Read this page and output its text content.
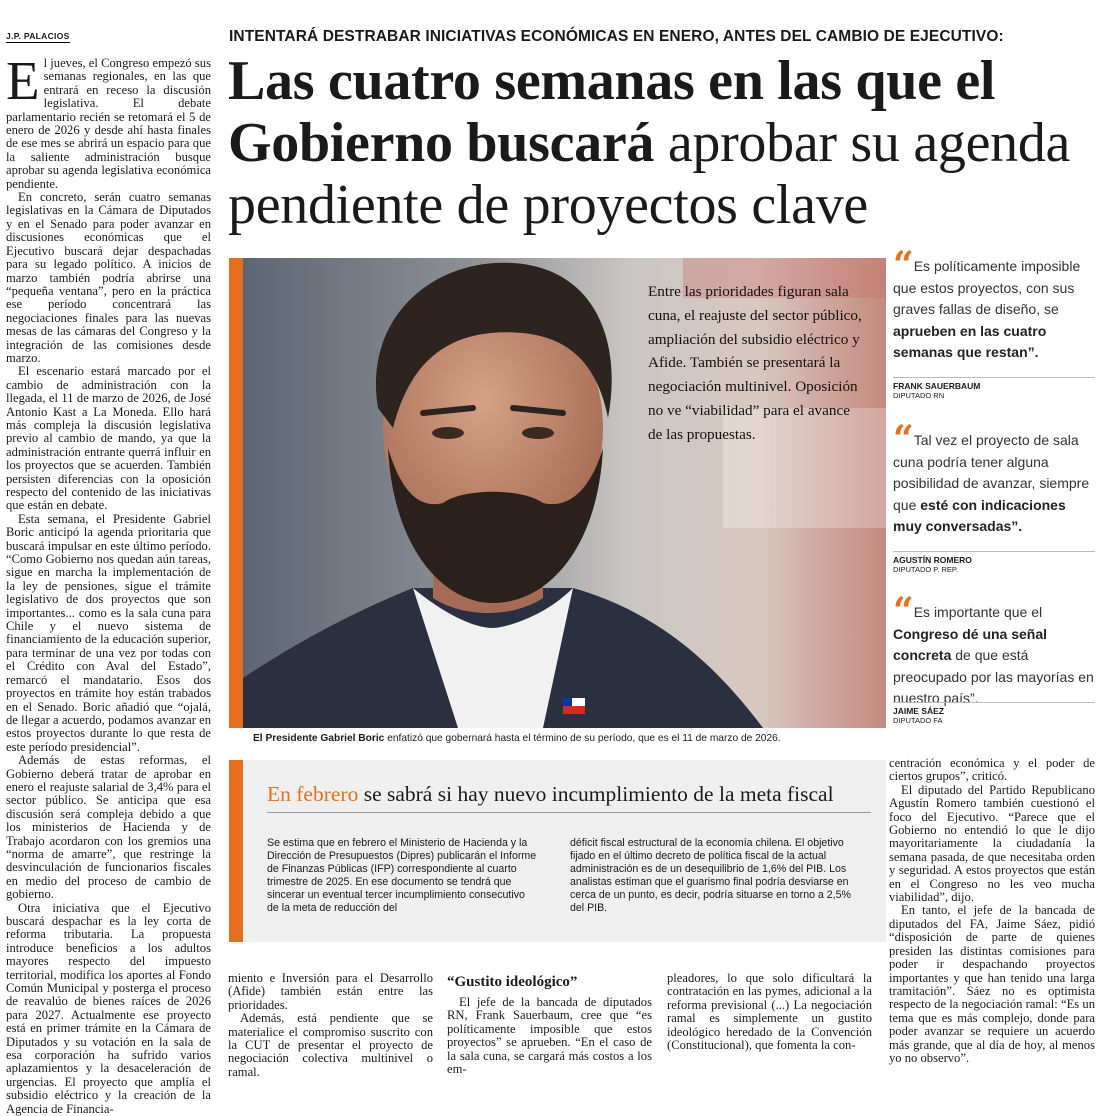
J.P. PALACIOS	INTENTARÁ DESTRABAR INICIATIVAS ECONÓMICAS EN ENERO, ANTES DEL CAMBIO DE EJECUTIVO:
Las cuatro semanas en las que el Gobierno buscará aprobar su agenda pendiente de proyectos clave

El jueves, el Congreso empezó sus semanas regionales, en las que entrará en receso la discusión legislativa. El debate parlamentario recién se retomará el 5 de enero de 2026 y desde ahí hasta finales de ese mes se abrirá un espacio para que la saliente administración busque aprobar su agenda legislativa económica pendiente.

En concreto, serán cuatro semanas legislativas en la Cámara de Diputados y en el Senado para poder avanzar en discusiones económicas que el Ejecutivo buscará dejar despachadas para su legado político. A inicios de marzo también podría abrirse una “pequeña ventana”, pero en la práctica ese período concentrará las negociaciones finales para las nuevas mesas de las cámaras del Congreso y la integración de las comisiones desde marzo.

El escenario estará marcado por el cambio de administración con la llegada, el 11 de marzo de 2026, de José Antonio Kast a La Moneda. Ello hará más compleja la discusión legislativa previo al cambio de mando, ya que la administración entrante querrá influir en los proyectos que se acuerden. También persisten diferencias con la oposición respecto del contenido de las iniciativas que están en debate.

Esta semana, el Presidente Gabriel Boric anticipó la agenda prioritaria que buscará impulsar en este último período. “Como Gobierno nos quedan aún tareas, sigue en marcha la implementación de la ley de pensiones, sigue el trámite legislativo de dos proyectos que son importantes... como es la sala cuna para Chile y el nuevo sistema de financiamiento de la educación superior, para terminar de una vez por todas con el Crédito con Aval del Estado”, remarcó el mandatario. Esos dos proyectos en trámite hoy están trabados en el Senado. Boric añadió que “ojalá, de llegar a acuerdo, podamos avanzar en estos proyectos durante lo que resta de este período presidencial”.

Además de estas reformas, el Gobierno deberá tratar de aprobar en enero el reajuste salarial de 3,4% para el sector público. Se anticipa que esa discusión será compleja debido a que los ministerios de Hacienda y de Trabajo acordaron con los gremios una “norma de amarre”, que restringe la desvinculación de funcionarios fiscales en medio del proceso de cambio de gobierno.

Otra iniciativa que el Ejecutivo buscará despachar es la ley corta de reforma tributaria. La propuesta introduce beneficios a los adultos mayores respecto del impuesto territorial, modifica los aportes al Fondo Común Municipal y posterga el proceso de reavalúo de bienes raíces de 2026 para 2027. Actualmente ese proyecto está en primer trámite en la Cámara de Diputados y su votación en la sala de esa corporación ha sufrido varios aplazamientos y la desaceleración de urgencias. El proyecto que amplía el subsidio eléctrico y la creación de la Agencia de Financia-

Entre las prioridades figuran sala cuna, el reajuste del sector público, ampliación del subsidio eléctrico y Afide. También se presentará la negociación multinivel. Oposición no ve “viabilidad” para el avance de las propuestas.
El Presidente Gabriel Boric enfatizó que gobernará hasta el término de su período, que es el 11 de marzo de 2026.
“ Es políticamente imposible que estos proyectos, con sus graves fallas de diseño, se aprueben en las cuatro semanas que restan”.
FRANK SAUERBAUM
DIPUTADO RN
“ Tal vez el proyecto de sala cuna podría tener alguna posibilidad de avanzar, siempre que esté con indicaciones muy conversadas”.
AGUSTÍN ROMERO
DIPUTADO P. REP.
“ Es importante que el Congreso dé una señal concreta de que está preocupado por las mayorías en nuestro país”.
JAIME SÁEZ
DIPUTADO FA
En febrero se sabrá si hay nuevo incumplimiento de la meta fiscal
Se estima que en febrero el Ministerio de Hacienda y la Dirección de Presupuestos (Dipres) publicarán el Informe de Finanzas Públicas (IFP) correspondiente al cuarto trimestre de 2025. En ese documento se tendrá que sincerar un eventual tercer incumplimiento consecutivo de la meta de reducción del
déficit fiscal estructural de la economía chilena. El objetivo fijado en el último decreto de política fiscal de la actual administración es de un desequilibrio de 1,6% del PIB. Los analistas estiman que el guarismo final podría desviarse en cerca de un punto, es decir, podría situarse en torno a 2,5% del PIB.

centración económica y el poder de ciertos grupos”, criticó.

El diputado del Partido Republicano Agustín Romero también cuestionó el foco del Ejecutivo. “Parece que el Gobierno no entendió lo que le dijo mayoritariamente la ciudadanía la semana pasada, de que necesitaba orden y seguridad. A estos proyectos que están en el Congreso no les veo mucha viabilidad”, dijo.

En tanto, el jefe de la bancada de diputados del FA, Jaime Sáez, pidió “disposición de parte de quienes presiden las distintas comisiones para poder ir despachando proyectos importantes y que han tenido una larga tramitación”. Sáez no es optimista respecto de la negociación ramal: “Es un tema que es más complejo, donde para poder avanzar se requiere un acuerdo más grande, que al día de hoy, al menos yo no observo”.

miento e Inversión para el Desarrollo (Afide) también están entre las prioridades.

Además, está pendiente que se materialice el compromiso suscrito con la CUT de presentar el proyecto de negociación colectiva multinivel o ramal.

“Gustito ideológico”

El jefe de la bancada de diputados RN, Frank Sauerbaum, cree que “es políticamente imposible que estos proyectos” se aprueben. “En el caso de la sala cuna, se cargará más costos a los em-

pleadores, lo que solo dificultará la contratación en las pymes, adicional a la reforma previsional (...) La negociación ramal es simplemente un gustito ideológico heredado de la Convención (Constitucional), que fomenta la con-
